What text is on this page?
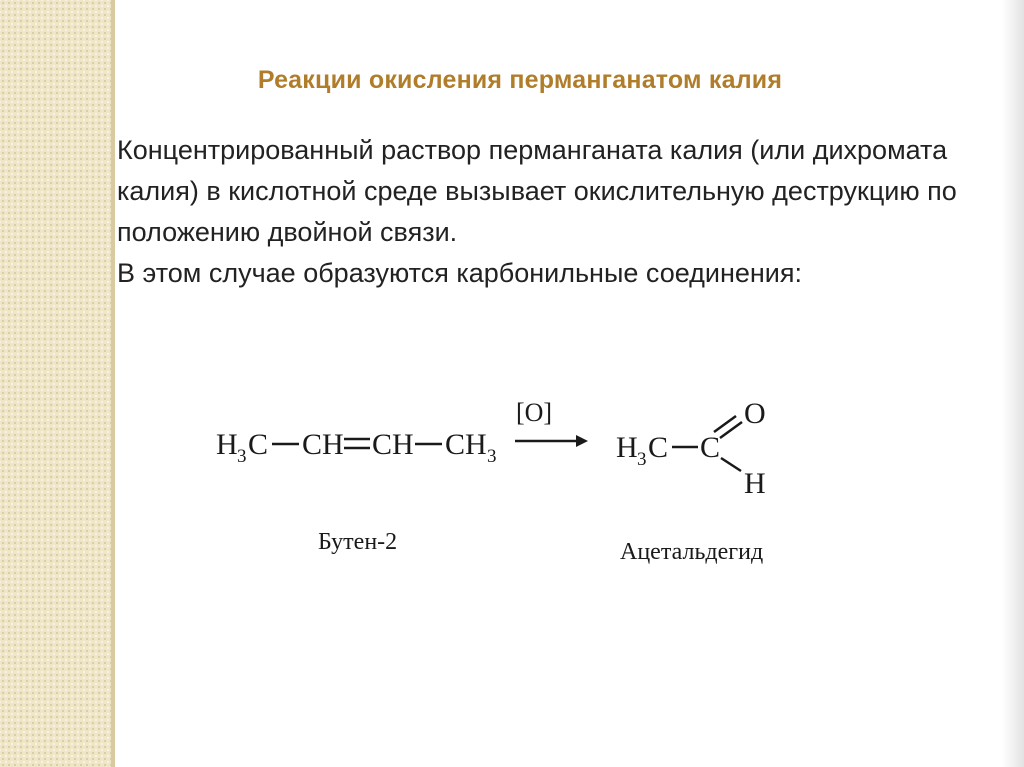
Реакции окисления перманганатом калия

Концентрированный раствор перманганата калия (или дихромата калия) в кислотной среде вызывает окислительную деструкцию по положению двойной связи.

В этом случае образуются карбонильные соединения:

H 3 C CH CH CH 3
[O]
H 3 C C
O
H
Бутен-2	Ацетальдегид
